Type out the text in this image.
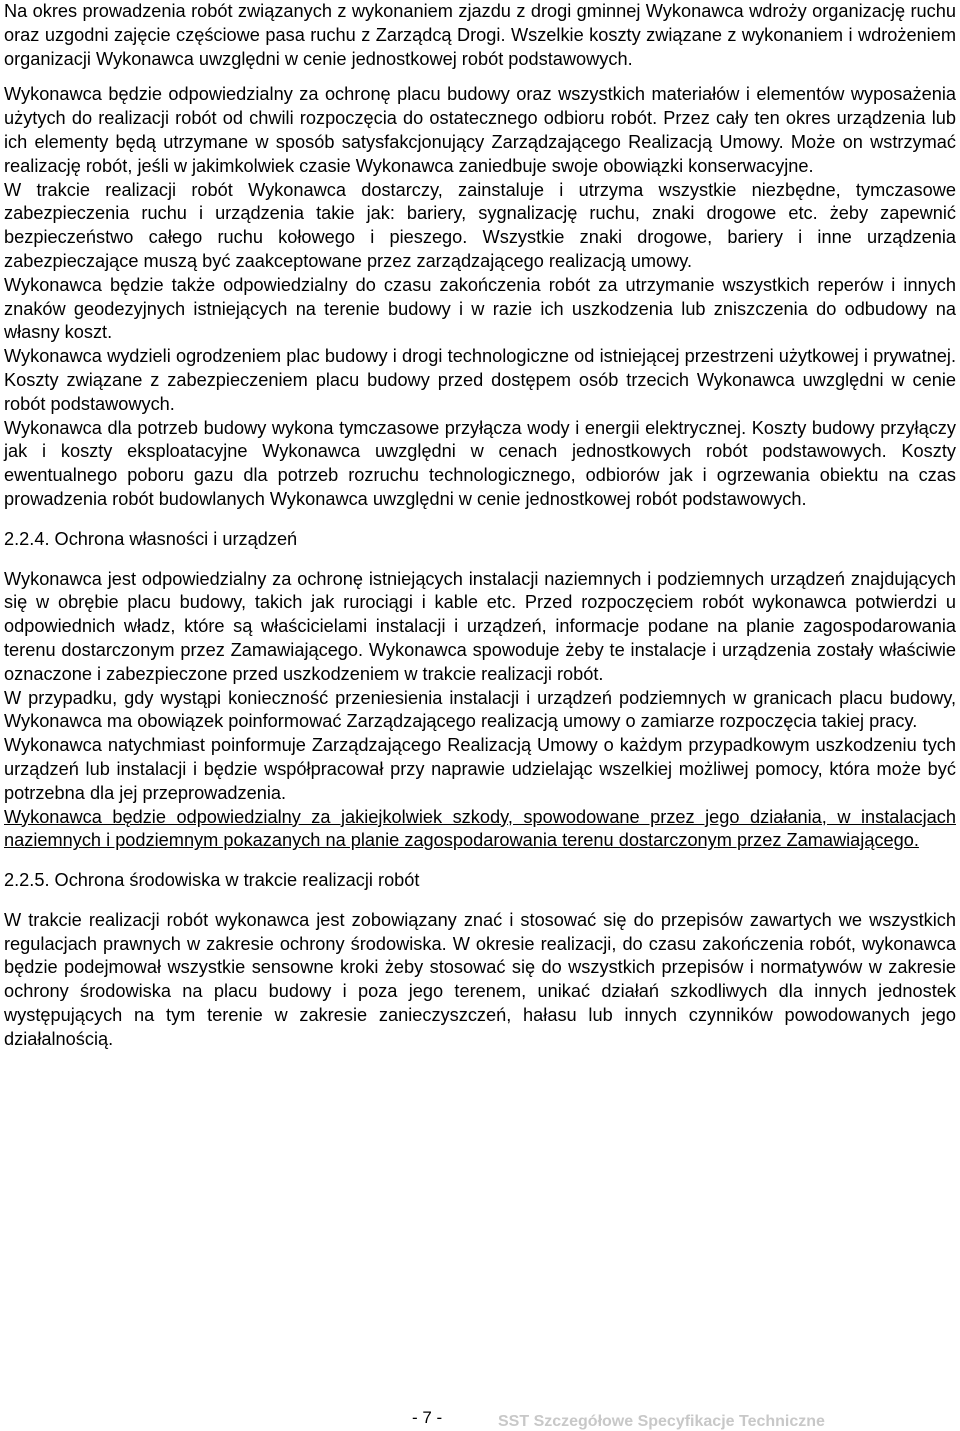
Na okres prowadzenia robót związanych z wykonaniem zjazdu z drogi gminnej Wykonawca wdroży organizację ruchu oraz uzgodni zajęcie częściowe pasa ruchu z Zarządcą Drogi. Wszelkie koszty związane z wykonaniem i wdrożeniem organizacji Wykonawca uwzględni w cenie jednostkowej robót podstawowych.

Wykonawca będzie odpowiedzialny za ochronę placu budowy oraz wszystkich materiałów i elementów wyposażenia użytych do realizacji robót od chwili rozpoczęcia do ostatecznego odbioru robót. Przez cały ten okres urządzenia lub ich elementy będą utrzymane w sposób satysfakcjonujący Zarządzającego Realizacją Umowy. Może on wstrzymać realizację robót, jeśli w jakimkolwiek czasie Wykonawca zaniedbuje swoje obowiązki konserwacyjne.

W trakcie realizacji robót Wykonawca dostarczy, zainstaluje i utrzyma wszystkie niezbędne, tymczasowe zabezpieczenia ruchu i urządzenia takie jak: bariery, sygnalizację ruchu, znaki drogowe etc. żeby zapewnić bezpieczeństwo całego ruchu kołowego i pieszego. Wszystkie znaki drogowe, bariery i inne urządzenia zabezpieczające muszą być zaakceptowane przez zarządzającego realizacją umowy.

Wykonawca będzie także odpowiedzialny do czasu zakończenia robót za utrzymanie wszystkich reperów i innych znaków geodezyjnych istniejących na terenie budowy i w razie ich uszkodzenia lub zniszczenia do odbudowy na własny koszt.

Wykonawca wydzieli ogrodzeniem plac budowy i drogi technologiczne od istniejącej przestrzeni użytkowej i prywatnej. Koszty związane z zabezpieczeniem placu budowy przed dostępem osób trzecich Wykonawca uwzględni w cenie robót podstawowych.

Wykonawca dla potrzeb budowy wykona tymczasowe przyłącza wody i energii elektrycznej. Koszty budowy przyłączy jak i koszty eksploatacyjne Wykonawca uwzględni w cenach jednostkowych robót podstawowych. Koszty ewentualnego poboru gazu dla potrzeb rozruchu technologicznego, odbiorów jak i ogrzewania obiektu na czas prowadzenia robót budowlanych Wykonawca uwzględni w cenie jednostkowej robót podstawowych.

2.2.4. Ochrona własności i urządzeń

Wykonawca jest odpowiedzialny za ochronę istniejących instalacji naziemnych i podziemnych urządzeń znajdujących się w obrębie placu budowy, takich jak rurociągi i kable etc. Przed rozpoczęciem robót wykonawca potwierdzi u odpowiednich władz, które są właścicielami instalacji i urządzeń, informacje podane na planie zagospodarowania terenu dostarczonym przez Zamawiającego. Wykonawca spowoduje żeby te instalacje i urządzenia zostały właściwie oznaczone i zabezpieczone przed uszkodzeniem w trakcie realizacji robót.

W przypadku, gdy wystąpi konieczność przeniesienia instalacji i urządzeń podziemnych w granicach placu budowy, Wykonawca ma obowiązek poinformować Zarządzającego realizacją umowy o zamiarze rozpoczęcia takiej pracy.

Wykonawca natychmiast poinformuje Zarządzającego Realizacją Umowy o każdym przypadkowym uszkodzeniu tych urządzeń lub instalacji i będzie współpracował przy naprawie udzielając wszelkiej możliwej pomocy, która może być potrzebna dla jej przeprowadzenia.

Wykonawca będzie odpowiedzialny za jakiejkolwiek szkody, spowodowane przez jego działania, w instalacjach naziemnych i podziemnym pokazanych na planie zagospodarowania terenu dostarczonym przez Zamawiającego.

2.2.5. Ochrona środowiska w trakcie realizacji robót

W trakcie realizacji robót wykonawca jest zobowiązany znać i stosować się do przepisów zawartych we wszystkich regulacjach prawnych w zakresie ochrony środowiska. W okresie realizacji, do czasu zakończenia robót, wykonawca będzie podejmował wszystkie sensowne kroki żeby stosować się do wszystkich przepisów i normatywów w zakresie ochrony środowiska na placu budowy i poza jego terenem, unikać działań szkodliwych dla innych jednostek występujących na tym terenie w zakresie zanieczyszczeń, hałasu lub innych czynników powodowanych jego działalnością.

SST Szczegółowe Specyfikacje Techniczne
- 7 -
